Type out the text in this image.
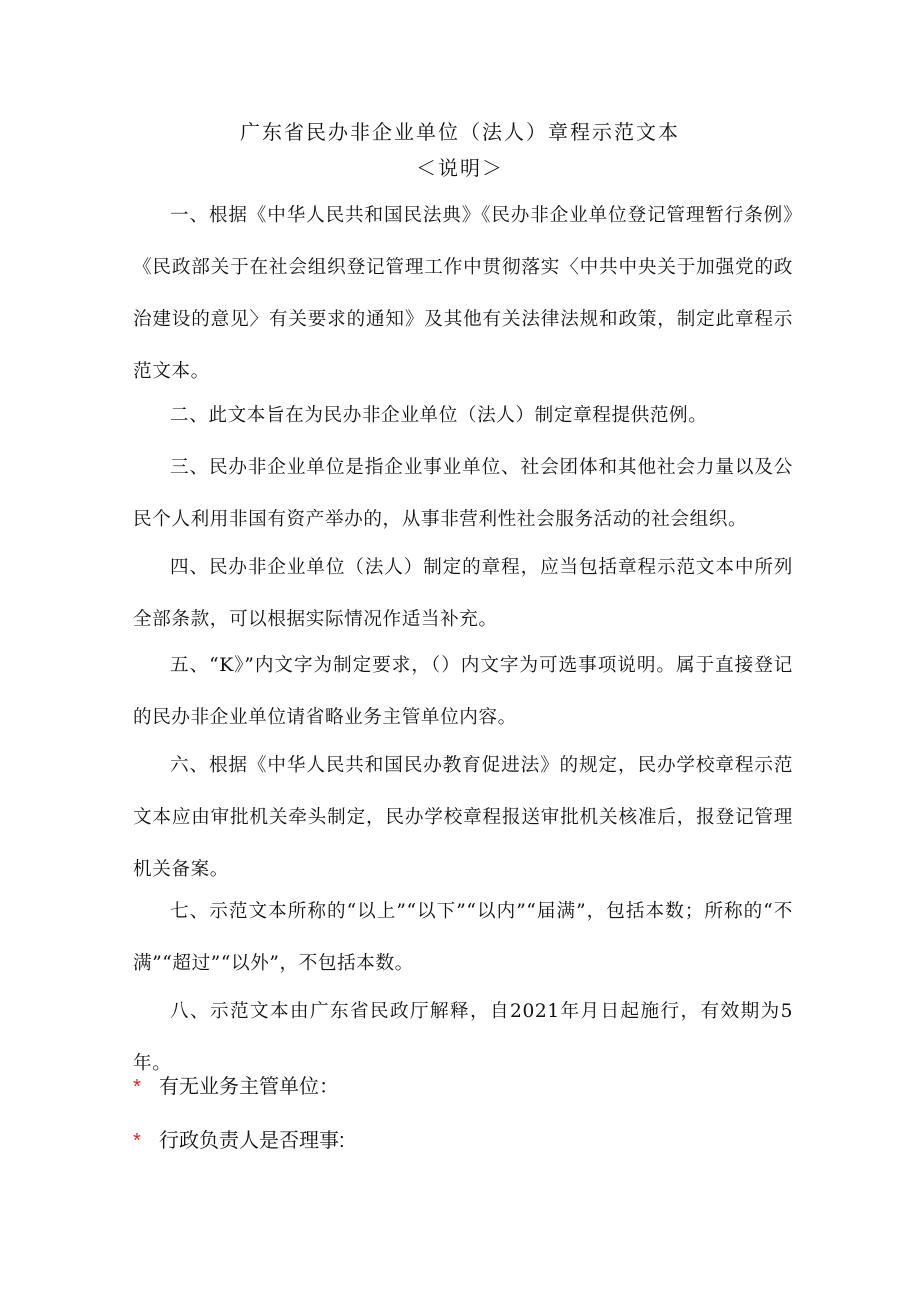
广东省民办非企业单位（法人）章程示范文本
＜说明＞

一、根据《中华人民共和国民法典》《民办非企业单位登记管理暂行条例》《民政部关于在社会组织登记管理工作中贯彻落实〈中共中央关于加强党的政治建设的意见〉有关要求的通知》及其他有关法律法规和政策，制定此章程示范文本。

二、此文本旨在为民办非企业单位（法人）制定章程提供范例。

三、民办非企业单位是指企业事业单位、社会团体和其他社会力量以及公民个人利用非国有资产举办的，从事非营利性社会服务活动的社会组织。

四、民办非企业单位（法人）制定的章程，应当包括章程示范文本中所列全部条款，可以根据实际情况作适当补充。

五、“K》”内文字为制定要求，（）内文字为可选事项说明。属于直接登记的民办非企业单位请省略业务主管单位内容。

六、根据《中华人民共和国民办教育促进法》的规定，民办学校章程示范文本应由审批机关牵头制定，民办学校章程报送审批机关核准后，报登记管理机关备案。

七、示范文本所称的“以上”“以下”“以内”“届满”，包括本数；所称的“不满”“超过”“以外”，不包括本数。

八、示范文本由广东省民政厅解释，自2021年月日起施行，有效期为5年。

* 有无业务主管单位：
* 行政负责人是否理事:
